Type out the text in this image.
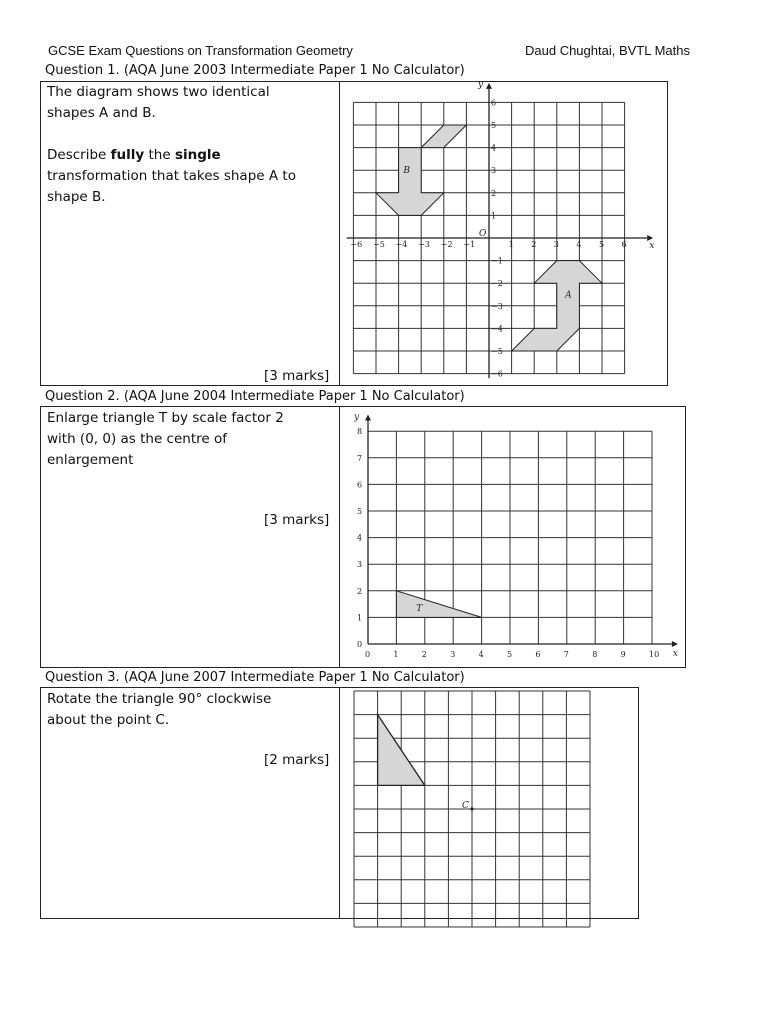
GCSE Exam Questions on Transformation Geometry	Daud Chughtai, BVTL Maths
Question 1. (AQA June 2003 Intermediate Paper 1 No Calculator)
The diagram shows two identical
shapes A and B.
Describe fully the single
transformation that takes shape A to
shape B.
[3 marks]
x
y
O
−6 −5 −4 −3 −2 −1	1 2 3 4 5 6
6
5
4
3
2
1
−1
−2
−3
−4
−5
−6
B
A
Question 2. (AQA June 2004 Intermediate Paper 1 No Calculator)
Enlarge triangle T by scale factor 2
with (0, 0) as the centre of
enlargement
[3 marks]
x
y
0	1	2	3	4	5	6	7	8	9	10
0
1
2
3
4
5
6
7
8
T
Question 3. (AQA June 2007 Intermediate Paper 1 No Calculator)
Rotate the triangle 90° clockwise
about the point C.
[2 marks]
C
